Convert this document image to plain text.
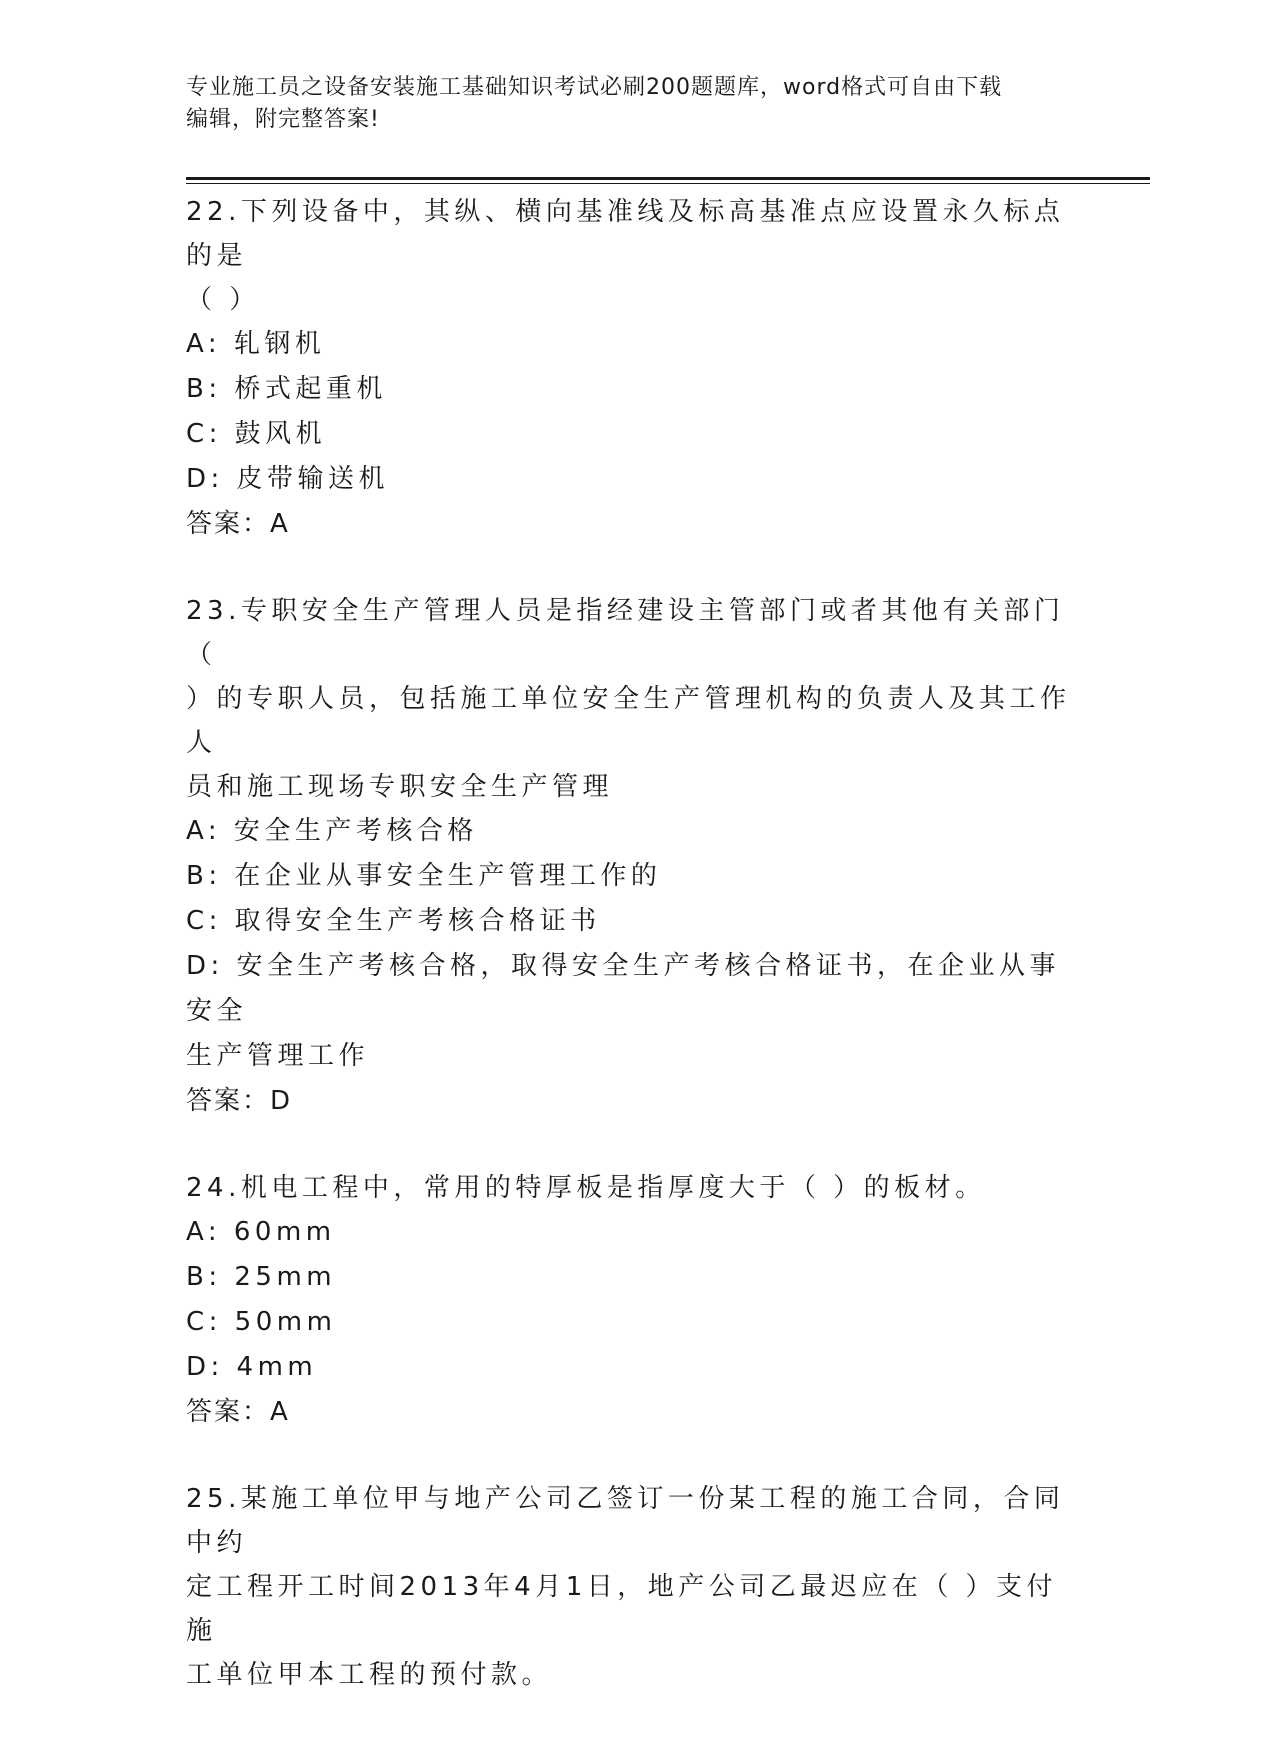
专业施工员之设备安装施工基础知识考试必刷200题题库，word格式可自由下载
编辑，附完整答案!
22.下列设备中，其纵、横向基准线及标高基准点应设置永久标点的是
（ ）
A: 轧钢机
B: 桥式起重机
C: 鼓风机
D: 皮带输送机
答案：A
23.专职安全生产管理人员是指经建设主管部门或者其他有关部门（
）的专职人员，包括施工单位安全生产管理机构的负责人及其工作人
员和施工现场专职安全生产管理
A: 安全生产考核合格
B: 在企业从事安全生产管理工作的
C: 取得安全生产考核合格证书
D: 安全生产考核合格，取得安全生产考核合格证书，在企业从事安全
生产管理工作
答案：D
24.机电工程中，常用的特厚板是指厚度大于（ ）的板材。
A: 60mm
B: 25mm
C: 50mm
D: 4mm
答案：A
25.某施工单位甲与地产公司乙签订一份某工程的施工合同，合同中约
定工程开工时间2013年4月1日，地产公司乙最迟应在（ ）支付施
工单位甲本工程的预付款。
